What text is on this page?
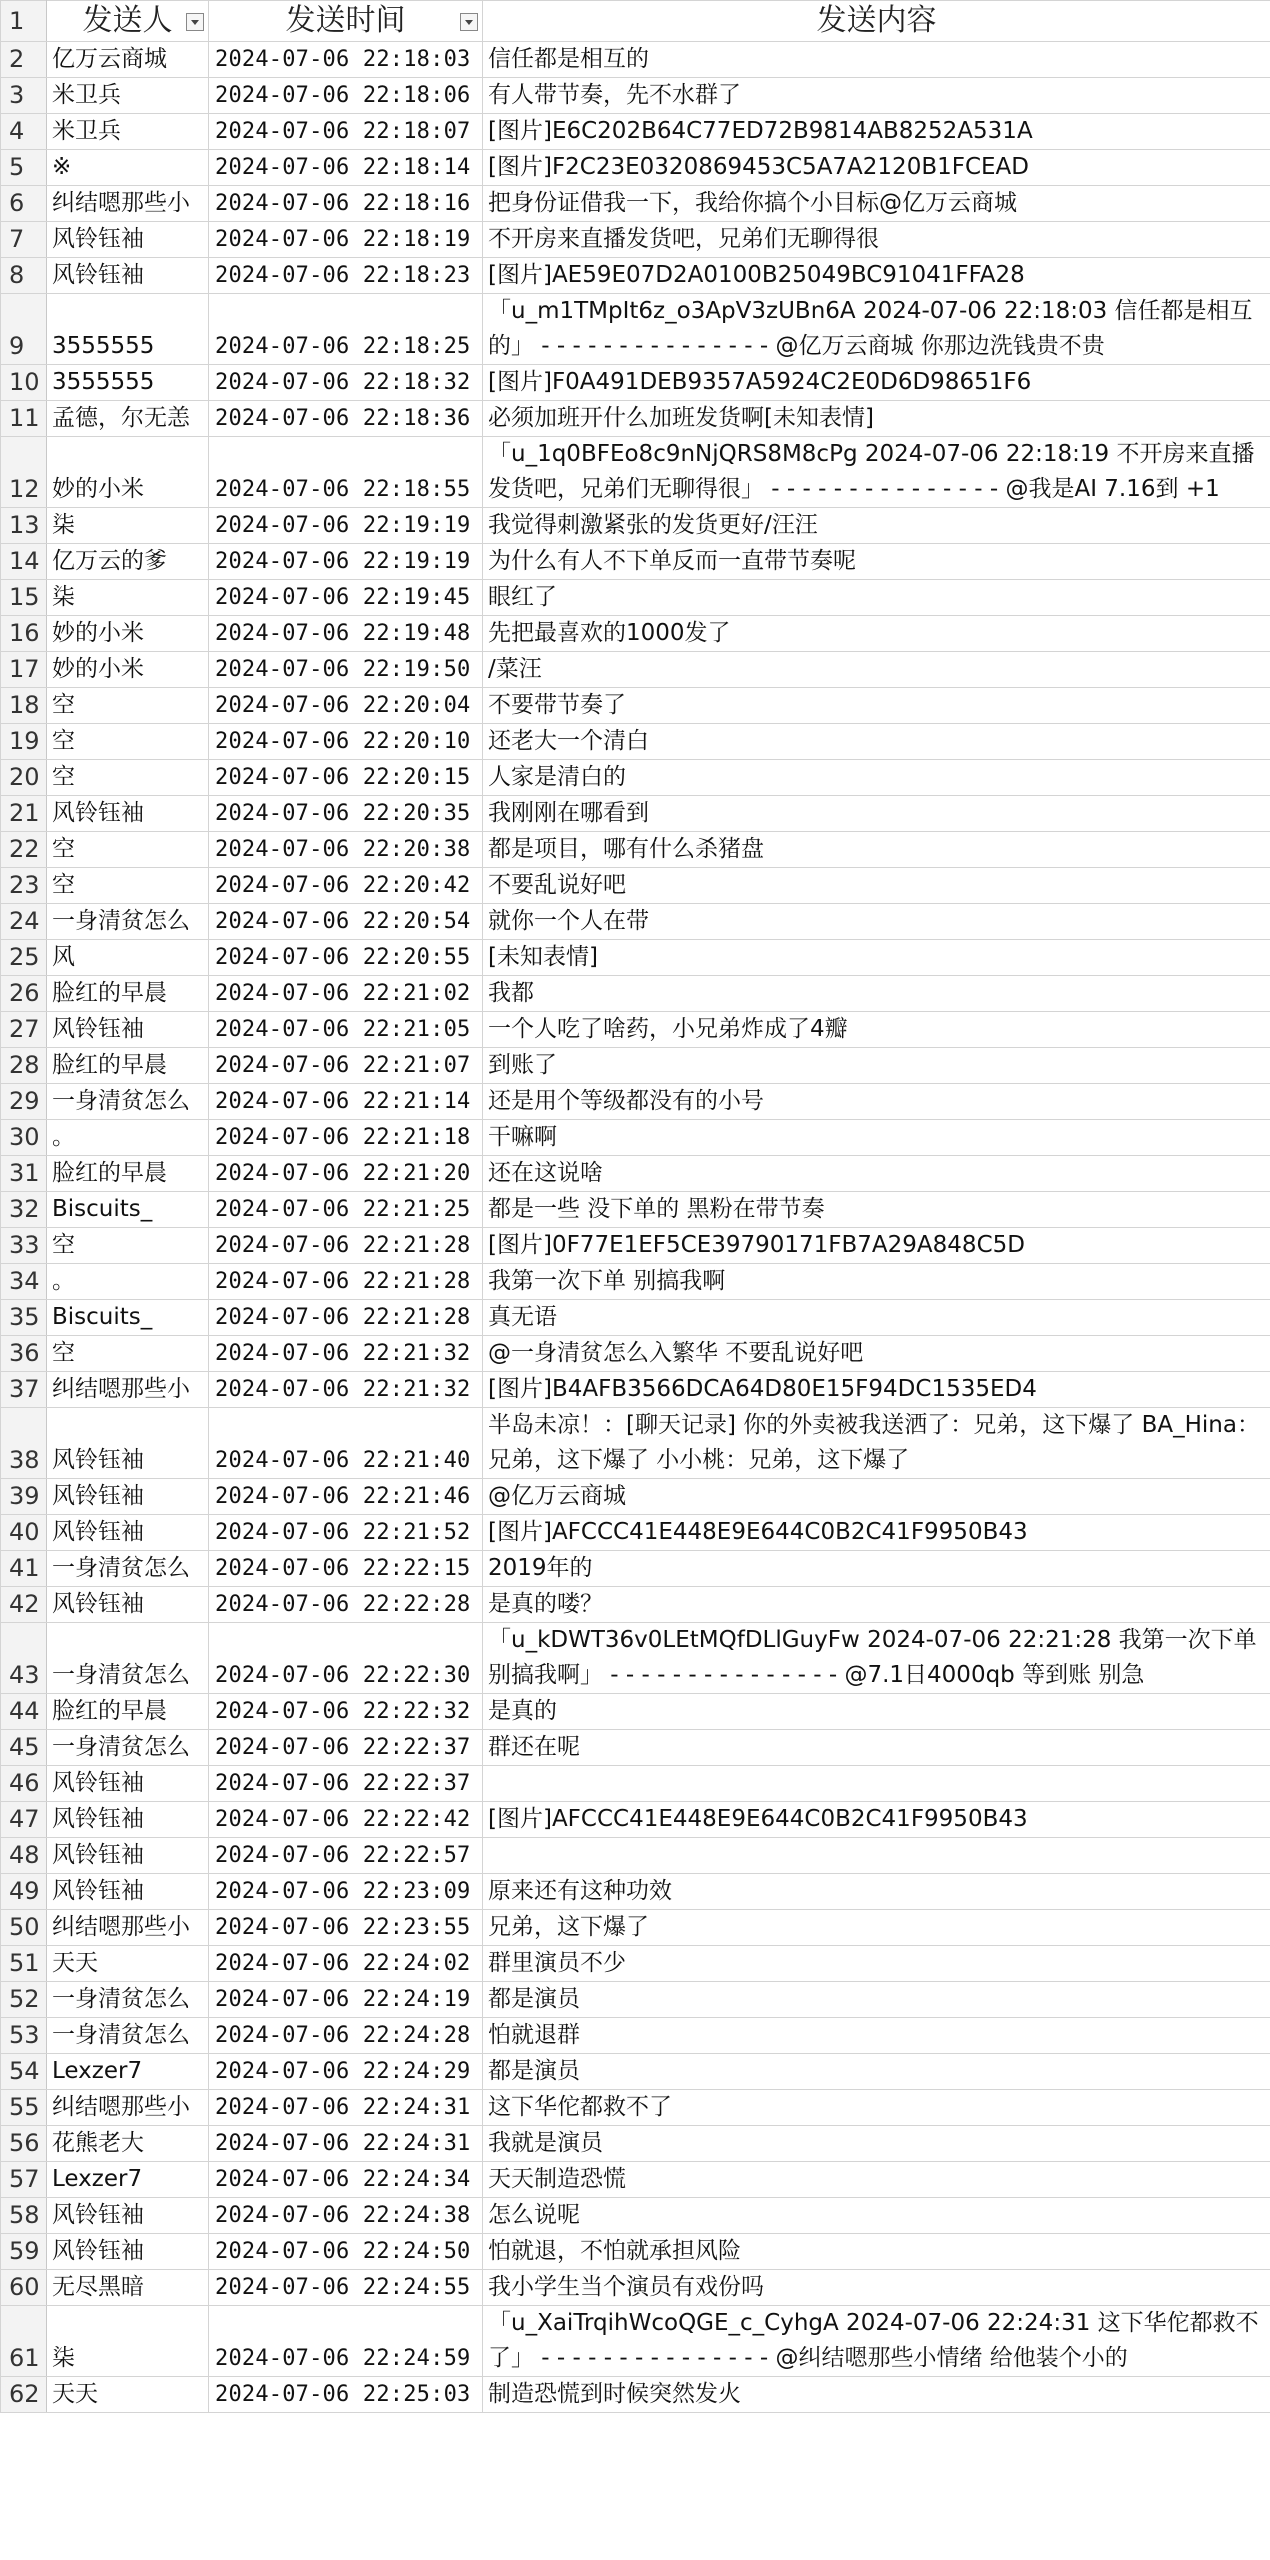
1	发送人	发送时间	发送内容
2	亿万云商城	2024-07-06 22:18:03	信任都是相互的
3	米卫兵	2024-07-06 22:18:06	有人带节奏，先不水群了
4	米卫兵	2024-07-06 22:18:07	[图片]E6C202B64C77ED72B9814AB8252A531A
5	※	2024-07-06 22:18:14	[图片]F2C23E0320869453C5A7A2120B1FCEAD
6	纠结嗯那些小	2024-07-06 22:18:16	把身份证借我一下，我给你搞个小目标@亿万云商城
7	风铃钰袖	2024-07-06 22:18:19	不开房来直播发货吧，兄弟们无聊得很
8	风铃钰袖	2024-07-06 22:18:23	[图片]AE59E07D2A0100B25049BC91041FFA28
9	3555555	2024-07-06 22:18:25	「u_m1TMpIt6z_o3ApV3zUBn6A 2024-07-06 22:18:03 信任都是相互的」 - - - - - - - - - - - - - - - @亿万云商城 你那边洗钱贵不贵
10	3555555	2024-07-06 22:18:32	[图片]F0A491DEB9357A5924C2E0D6D98651F6
11	孟德，尔无恙	2024-07-06 22:18:36	必须加班开什么加班发货啊[未知表情]
12	妙的小米	2024-07-06 22:18:55	「u_1q0BFEo8c9nNjQRS8M8cPg 2024-07-06 22:18:19 不开房来直播发货吧，兄弟们无聊得很」 - - - - - - - - - - - - - - - @我是AI 7.16到 +1
13	柒	2024-07-06 22:19:19	我觉得刺激紧张的发货更好/汪汪
14	亿万云的爹	2024-07-06 22:19:19	为什么有人不下单反而一直带节奏呢
15	柒	2024-07-06 22:19:45	眼红了
16	妙的小米	2024-07-06 22:19:48	先把最喜欢的1000发了
17	妙的小米	2024-07-06 22:19:50	/菜汪
18	空	2024-07-06 22:20:04	不要带节奏了
19	空	2024-07-06 22:20:10	还老大一个清白
20	空	2024-07-06 22:20:15	人家是清白的
21	风铃钰袖	2024-07-06 22:20:35	我刚刚在哪看到
22	空	2024-07-06 22:20:38	都是项目，哪有什么杀猪盘
23	空	2024-07-06 22:20:42	不要乱说好吧
24	一身清贫怎么	2024-07-06 22:20:54	就你一个人在带
25	风	2024-07-06 22:20:55	[未知表情]
26	脸红的早晨	2024-07-06 22:21:02	我都
27	风铃钰袖	2024-07-06 22:21:05	一个人吃了啥药，小兄弟炸成了4瓣
28	脸红的早晨	2024-07-06 22:21:07	到账了
29	一身清贫怎么	2024-07-06 22:21:14	还是用个等级都没有的小号
30	。	2024-07-06 22:21:18	干嘛啊
31	脸红的早晨	2024-07-06 22:21:20	还在这说啥
32	Biscuits_	2024-07-06 22:21:25	都是一些 没下单的 黑粉在带节奏
33	空	2024-07-06 22:21:28	[图片]0F77E1EF5CE39790171FB7A29A848C5D
34	。	2024-07-06 22:21:28	我第一次下单 别搞我啊
35	Biscuits_	2024-07-06 22:21:28	真无语
36	空	2024-07-06 22:21:32	@一身清贫怎么入繁华 不要乱说好吧
37	纠结嗯那些小	2024-07-06 22:21:32	[图片]B4AFB3566DCA64D80E15F94DC1535ED4
38	风铃钰袖	2024-07-06 22:21:40	半岛未凉！：[聊天记录] 你的外卖被我送洒了：兄弟，这下爆了 BA_Hina：兄弟，这下爆了 小小桃：兄弟，这下爆了
39	风铃钰袖	2024-07-06 22:21:46	@亿万云商城
40	风铃钰袖	2024-07-06 22:21:52	[图片]AFCCC41E448E9E644C0B2C41F9950B43
41	一身清贫怎么	2024-07-06 22:22:15	2019年的
42	风铃钰袖	2024-07-06 22:22:28	是真的喽？
43	一身清贫怎么	2024-07-06 22:22:30	「u_kDWT36v0LEtMQfDLlGuyFw 2024-07-06 22:21:28 我第一次下单 别搞我啊」 - - - - - - - - - - - - - - - @7.1日4000qb 等到账 别急
44	脸红的早晨	2024-07-06 22:22:32	是真的
45	一身清贫怎么	2024-07-06 22:22:37	群还在呢
46	风铃钰袖	2024-07-06 22:22:37	
47	风铃钰袖	2024-07-06 22:22:42	[图片]AFCCC41E448E9E644C0B2C41F9950B43
48	风铃钰袖	2024-07-06 22:22:57	
49	风铃钰袖	2024-07-06 22:23:09	原来还有这种功效
50	纠结嗯那些小	2024-07-06 22:23:55	兄弟，这下爆了
51	天天	2024-07-06 22:24:02	群里演员不少
52	一身清贫怎么	2024-07-06 22:24:19	都是演员
53	一身清贫怎么	2024-07-06 22:24:28	怕就退群
54	Lexzer7	2024-07-06 22:24:29	都是演员
55	纠结嗯那些小	2024-07-06 22:24:31	这下华佗都救不了
56	花熊老大	2024-07-06 22:24:31	我就是演员
57	Lexzer7	2024-07-06 22:24:34	天天制造恐慌
58	风铃钰袖	2024-07-06 22:24:38	怎么说呢
59	风铃钰袖	2024-07-06 22:24:50	怕就退，不怕就承担风险
60	无尽黑暗	2024-07-06 22:24:55	我小学生当个演员有戏份吗
61	柒	2024-07-06 22:24:59	「u_XaiTrqihWcoQGE_c_CyhgA 2024-07-06 22:24:31 这下华佗都救不了」 - - - - - - - - - - - - - - - @纠结嗯那些小情绪 给他装个小的
62	天天	2024-07-06 22:25:03	制造恐慌到时候突然发火
